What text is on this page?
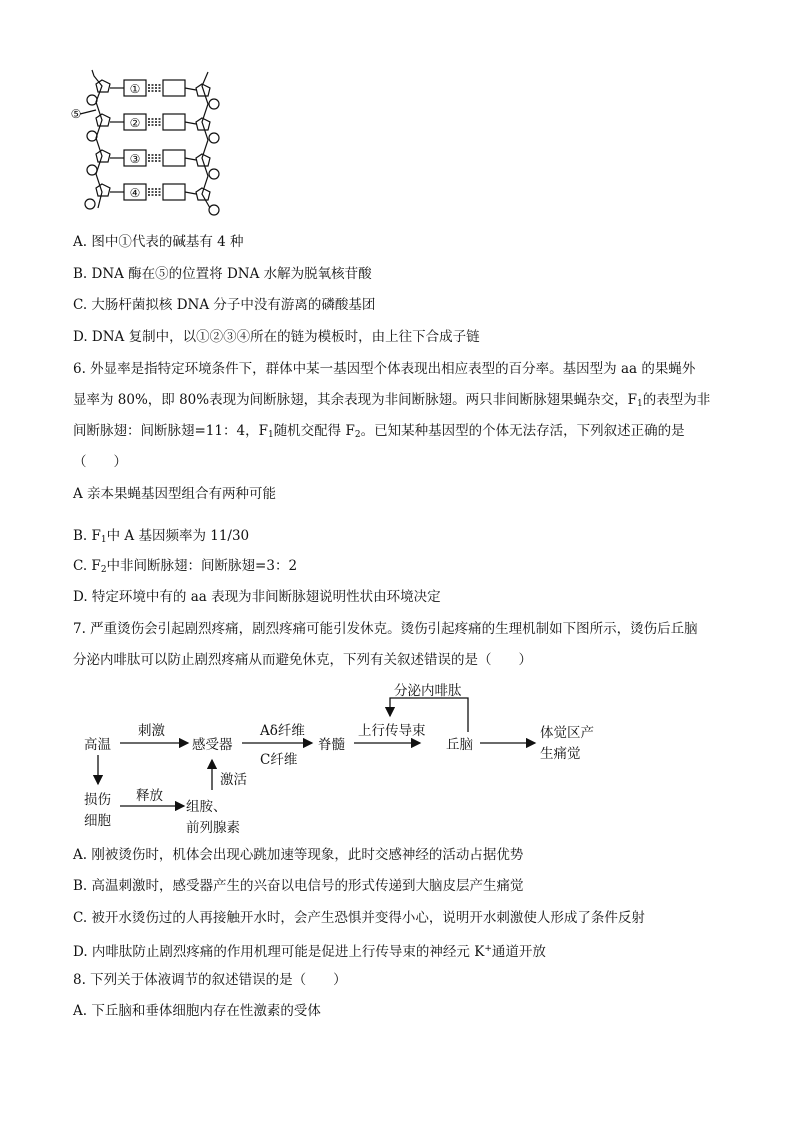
①
②
③
④
⑤
A. 图中①代表的碱基有 4 种
B. DNA 酶在⑤的位置将 DNA 水解为脱氧核苷酸
C. 大肠杆菌拟核 DNA 分子中没有游离的磷酸基团
D. DNA 复制中，以①②③④所在的链为模板时，由上往下合成子链
6. 外显率是指特定环境条件下，群体中某一基因型个体表现出相应表型的百分率。基因型为 aa 的果蝇外
显率为 80%，即 80%表现为间断脉翅，其余表现为非间断脉翅。两只非间断脉翅果蝇杂交，$F_1$的表型为非
间断脉翅：间断脉翅=11：4，$F_1$随机交配得 $F_2$。已知某种基因型的个体无法存活，下列叙述正确的是
（　　）
A 亲本果蝇基因型组合有两种可能
B. $F_1$中 A 基因频率为 11/30
C. $F_2$中非间断脉翅：间断脉翅=3：2
D. 特定环境中有的 aa 表现为非间断脉翅说明性状由环境决定
7. 严重烫伤会引起剧烈疼痛，剧烈疼痛可能引发休克。烫伤引起疼痛的生理机制如下图所示，烫伤后丘脑
分泌内啡肽可以防止剧烈疼痛从而避免休克，下列有关叙述错误的是（　　）
高温
刺激
感受器
Aδ纤维
C纤维
脊髓
上行传导束
丘脑
分泌内啡肽
体觉区产
生痛觉
损伤
细胞
释放
组胺、
前列腺素
激活
A. 刚被烫伤时，机体会出现心跳加速等现象，此时交感神经的活动占据优势
B. 高温刺激时，感受器产生的兴奋以电信号的形式传递到大脑皮层产生痛觉
C. 被开水烫伤过的人再接触开水时，会产生恐惧并变得小心，说明开水刺激使人形成了条件反射
D. 内啡肽防止剧烈疼痛的作用机理可能是促进上行传导束的神经元 K+通道开放
8. 下列关于体液调节的叙述错误的是（　　）
A. 下丘脑和垂体细胞内存在性激素的受体
